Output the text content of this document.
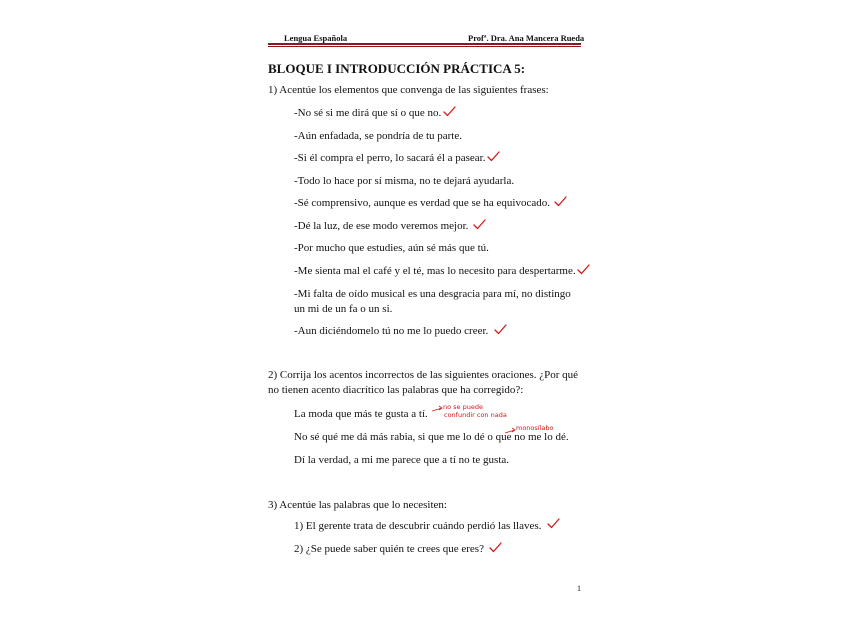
Lengua Española	Profª. Dra. Ana Mancera Rueda
BLOQUE I INTRODUCCIÓN PRÁCTICA 5:
1) Acentúe los elementos que convenga de las siguientes frases:
-No sé si me dirá que sí o que no.
-Aún enfadada, se pondría de tu parte.
-Si él compra el perro, lo sacará él a pasear.
-Todo lo hace por sí misma, no te dejará ayudarla.
-Sé comprensivo, aunque es verdad que se ha equivocado.
-Dé la luz, de ese modo veremos mejor.
-Por mucho que estudies, aún sé más que tú.
-Me sienta mal el café y el té, mas lo necesito para despertarme.
-Mi falta de oído musical es una desgracia para mí, no distingo
un mi de un fa o un si.
-Aun diciéndomelo tú no me lo puedo creer.
2) Corrija los acentos incorrectos de las siguientes oraciones. ¿Por qué
no tienen acento diacrítico las palabras que ha corregido?:
La moda que más te gusta a tí.
No sé qué me dá más rabia, si que me lo dé o que no me lo dé.
Dí la verdad, a mi me parece que a tí no te gusta.
no se puede
confundir con nada
monosílabo
3) Acentúe las palabras que lo necesiten:
1) El gerente trata de descubrir cuándo perdió las llaves.
2) ¿Se puede saber quién te crees que eres?
1
